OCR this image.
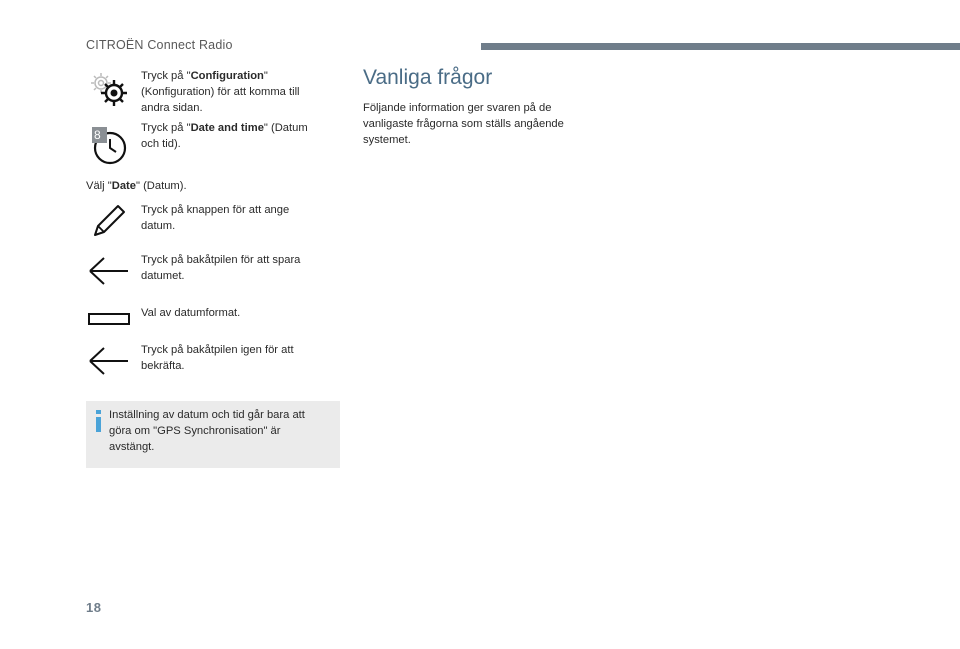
CITROËN Connect Radio
Tryck på "Configuration" (Konfiguration) för att komma till andra sidan.
8	Tryck på "Date and time" (Datum och tid).
Välj "Date" (Datum).
Tryck på knappen för att ange datum.
Tryck på bakåtpilen för att spara datumet.
Val av datumformat.
Tryck på bakåtpilen igen för att bekräfta.
Inställning av datum och tid går bara att göra om "GPS Synchronisation" är avstängt.
Vanliga frågor
Följande information ger svaren på de vanligaste frågorna som ställs angående systemet.
18
